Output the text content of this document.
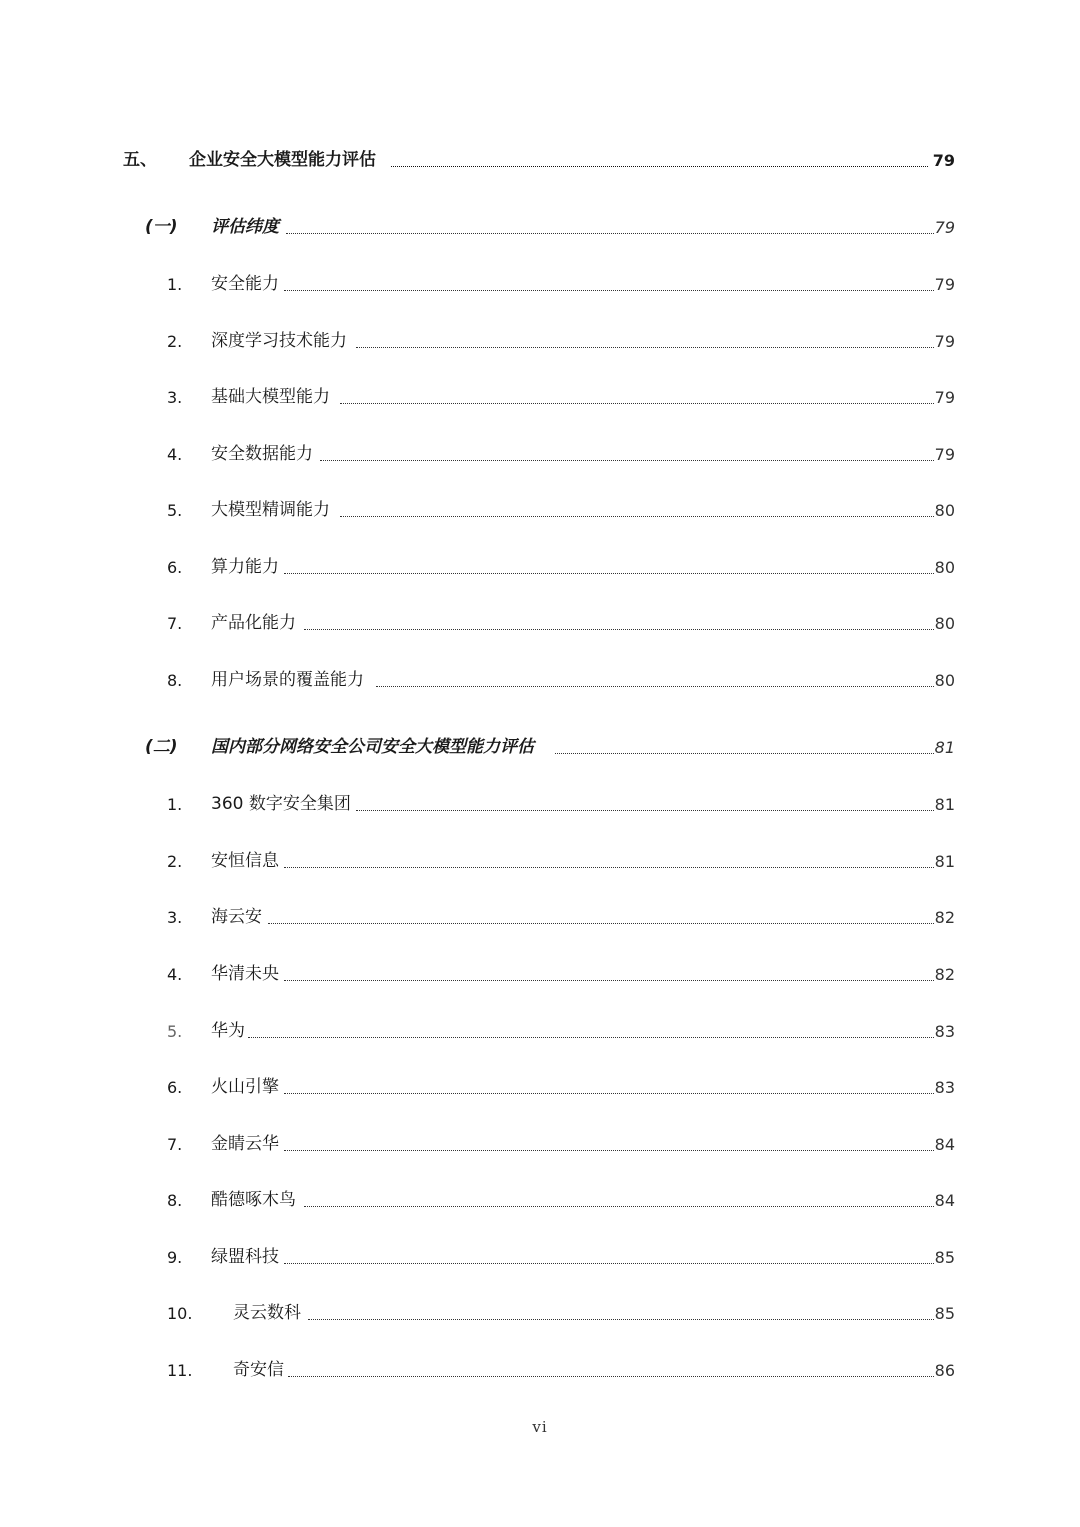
五、 企业安全大模型能力评估	79
(一) 评估纬度	79
1. 安全能力	79
2. 深度学习技术能力	79
3. 基础大模型能力	79
4. 安全数据能力	79
5. 大模型精调能力	80
6. 算力能力	80
7. 产品化能力	80
8. 用户场景的覆盖能力	80
(二) 国内部分网络安全公司安全大模型能力评估	81
1. 360 数字安全集团	81
2. 安恒信息	81
3. 海云安	82
4. 华清未央	82
5. 华为	83
6. 火山引擎	83
7. 金睛云华	84
8. 酷德啄木鸟	84
9. 绿盟科技	85
10. 灵云数科	85
11. 奇安信	86
vi
